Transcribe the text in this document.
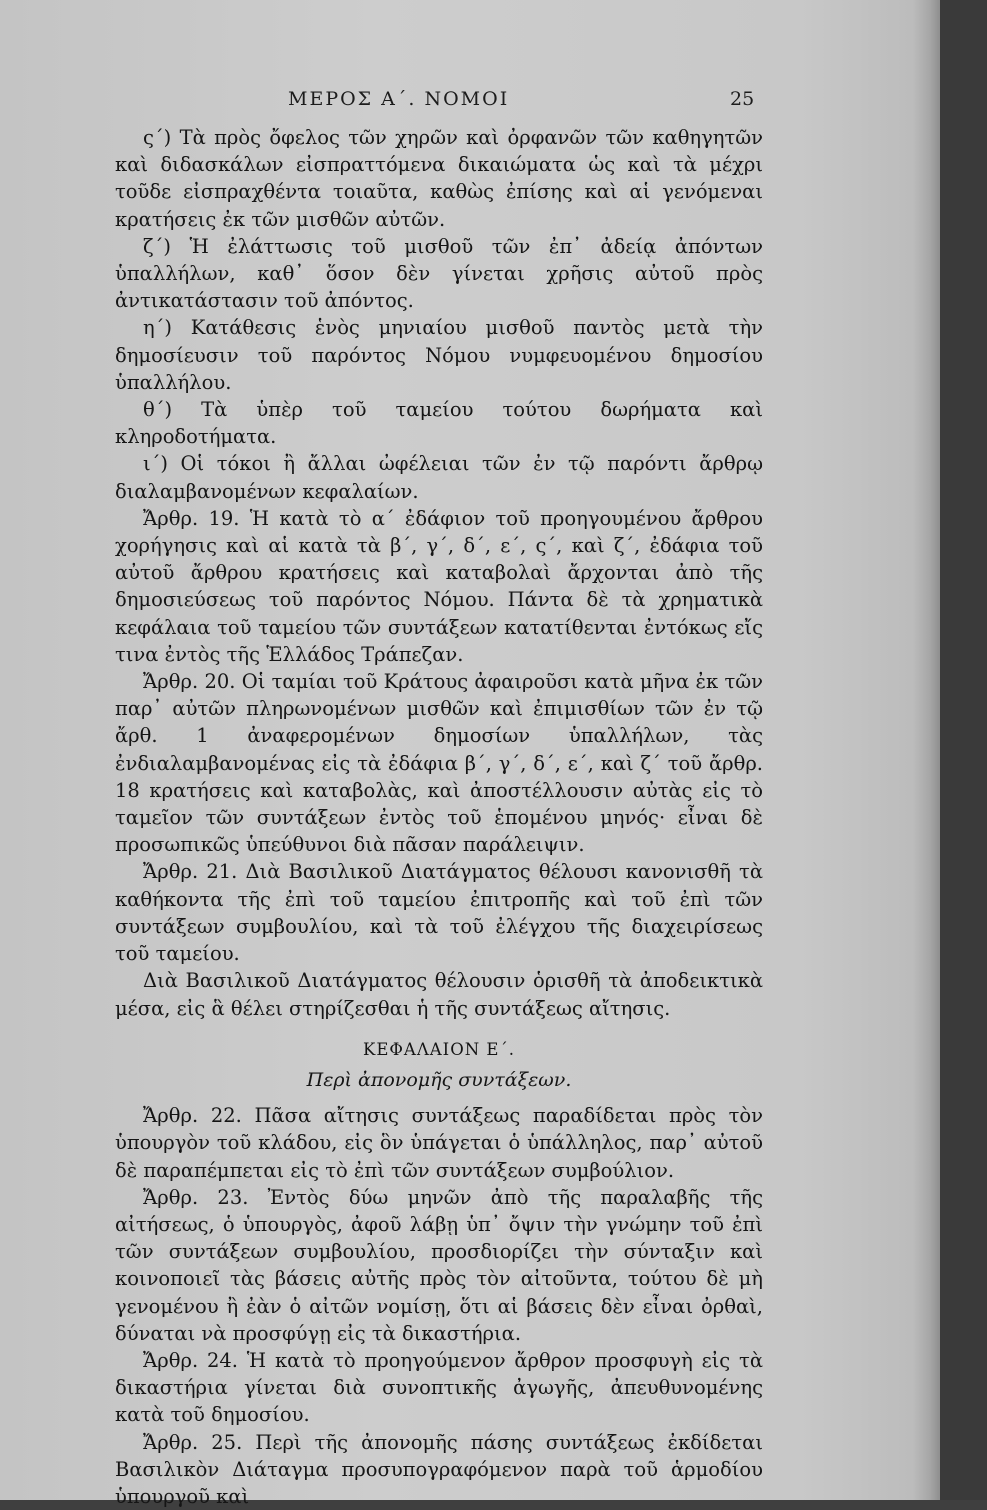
ΜΕΡΟΣ Α΄. ΝΟΜΟΙ	25

ς΄) Τὰ πρὸς ὄφελος τῶν χηρῶν καὶ ὀρφανῶν τῶν καθηγητῶν καὶ διδασκάλων εἰσπραττόμενα δικαιώματα ὡς καὶ τὰ μέχρι τοῦδε εἰσπραχθέντα τοιαῦτα, καθὼς ἐπίσης καὶ αἱ γενόμεναι κρατήσεις ἐκ τῶν μισθῶν αὐτῶν.

ζ΄) Ἡ ἐλάττωσις τοῦ μισθοῦ τῶν ἐπ᾽ ἀδείᾳ ἀπόντων ὑπαλλήλων, καθ᾽ ὅσον δὲν γίνεται χρῆσις αὐτοῦ πρὸς ἀντικατάστασιν τοῦ ἀπόντος.

η΄) Κατάθεσις ἑνὸς μηνιαίου μισθοῦ παντὸς μετὰ τὴν δημοσίευσιν τοῦ παρόντος Νόμου νυμφευομένου δημοσίου ὑπαλλήλου.

θ΄) Τὰ ὑπὲρ τοῦ ταμείου τούτου δωρήματα καὶ κληροδοτήματα.

ι΄) Οἱ τόκοι ἢ ἄλλαι ὠφέλειαι τῶν ἐν τῷ παρόντι ἄρθρῳ διαλαμβανομένων κεφαλαίων.

Ἄρθρ. 19. Ἡ κατὰ τὸ α΄ ἐδάφιον τοῦ προηγουμένου ἄρθρου χορήγησις καὶ αἱ κατὰ τὰ β΄, γ΄, δ΄, ε΄, ς΄, καὶ ζ΄, ἐδάφια τοῦ αὐτοῦ ἄρθρου κρατήσεις καὶ καταβολαὶ ἄρχονται ἀπὸ τῆς δημοσιεύσεως τοῦ παρόντος Νόμου. Πάντα δὲ τὰ χρηματικὰ κεφάλαια τοῦ ταμείου τῶν συντάξεων κατατίθενται ἐντόκως εἴς τινα ἐντὸς τῆς Ἑλλάδος Τράπεζαν.

Ἄρθρ. 20. Οἱ ταμίαι τοῦ Κράτους ἀφαιροῦσι κατὰ μῆνα ἐκ τῶν παρ᾽ αὐτῶν πληρωνομένων μισθῶν καὶ ἐπιμισθίων τῶν ἐν τῷ ἄρθ. 1 ἀναφερομένων δημοσίων ὑπαλλήλων, τὰς ἐνδιαλαμβανομένας εἰς τὰ ἐδάφια β΄, γ΄, δ΄, ε΄, καὶ ζ΄ τοῦ ἄρθρ. 18 κρατήσεις καὶ καταβολὰς, καὶ ἀποστέλλουσιν αὐτὰς εἰς τὸ ταμεῖον τῶν συντάξεων ἐντὸς τοῦ ἑπομένου μηνός· εἶναι δὲ προσωπικῶς ὑπεύθυνοι διὰ πᾶσαν παράλειψιν.

Ἄρθρ. 21. Διὰ Βασιλικοῦ Διατάγματος θέλουσι κανονισθῆ τὰ καθήκοντα τῆς ἐπὶ τοῦ ταμείου ἐπιτροπῆς καὶ τοῦ ἐπὶ τῶν συντάξεων συμβουλίου, καὶ τὰ τοῦ ἐλέγχου τῆς διαχειρίσεως τοῦ ταμείου.

Διὰ Βασιλικοῦ Διατάγματος θέλουσιν ὁρισθῆ τὰ ἀποδεικτικὰ μέσα, εἰς ἃ θέλει στηρίζεσθαι ἡ τῆς συντάξεως αἴτησις.

ΚΕΦΑΛΑΙΟΝ Ε΄.

Περὶ ἀπονομῆς συντάξεων.

Ἄρθρ. 22. Πᾶσα αἴτησις συντάξεως παραδίδεται πρὸς τὸν ὑπουργὸν τοῦ κλάδου, εἰς ὃν ὑπάγεται ὁ ὑπάλληλος, παρ᾽ αὐτοῦ δὲ παραπέμπεται εἰς τὸ ἐπὶ τῶν συντάξεων συμβούλιον.

Ἄρθρ. 23. Ἐντὸς δύω μηνῶν ἀπὸ τῆς παραλαβῆς τῆς αἰτήσεως, ὁ ὑπουργὸς, ἀφοῦ λάβῃ ὑπ᾽ ὄψιν τὴν γνώμην τοῦ ἐπὶ τῶν συντάξεων συμβουλίου, προσδιορίζει τὴν σύνταξιν καὶ κοινοποιεῖ τὰς βάσεις αὐτῆς πρὸς τὸν αἰτοῦντα, τούτου δὲ μὴ γενομένου ἢ ἐὰν ὁ αἰτῶν νομίσῃ, ὅτι αἱ βάσεις δὲν εἶναι ὀρθαὶ, δύναται νὰ προσφύγῃ εἰς τὰ δικαστήρια.

Ἄρθρ. 24. Ἡ κατὰ τὸ προηγούμενον ἄρθρον προσφυγὴ εἰς τὰ δικαστήρια γίνεται διὰ συνοπτικῆς ἀγωγῆς, ἀπευθυνομένης κατὰ τοῦ δημοσίου.

Ἄρθρ. 25. Περὶ τῆς ἀπονομῆς πάσης συντάξεως ἐκδίδεται Βασιλικὸν Διάταγμα προσυπογραφόμενον παρὰ τοῦ ἁρμοδίου ὑπουργοῦ καὶ
